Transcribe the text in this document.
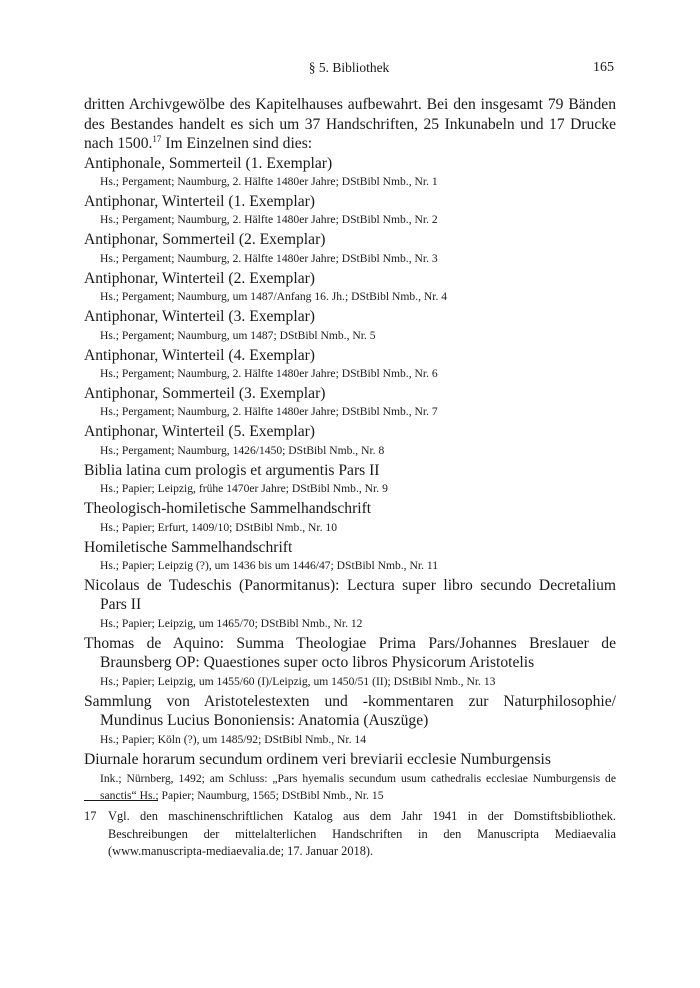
§ 5. Bibliothek	165

dritten Archivgewölbe des Kapitelhauses aufbewahrt. Bei den insgesamt 79 Bänden des Bestandes handelt es sich um 37 Handschriften, 25 Inkunabeln und 17 Drucke nach 1500.17 Im Einzelnen sind dies:

Antiphonale, Sommerteil (1. Exemplar)
Hs.; Pergament; Naumburg, 2. Hälfte 1480er Jahre; DStBibl Nmb., Nr. 1
Antiphonar, Winterteil (1. Exemplar)
Hs.; Pergament; Naumburg, 2. Hälfte 1480er Jahre; DStBibl Nmb., Nr. 2
Antiphonar, Sommerteil (2. Exemplar)
Hs.; Pergament; Naumburg, 2. Hälfte 1480er Jahre; DStBibl Nmb., Nr. 3
Antiphonar, Winterteil (2. Exemplar)
Hs.; Pergament; Naumburg, um 1487/Anfang 16. Jh.; DStBibl Nmb., Nr. 4
Antiphonar, Winterteil (3. Exemplar)
Hs.; Pergament; Naumburg, um 1487; DStBibl Nmb., Nr. 5
Antiphonar, Winterteil (4. Exemplar)
Hs.; Pergament; Naumburg, 2. Hälfte 1480er Jahre; DStBibl Nmb., Nr. 6
Antiphonar, Sommerteil (3. Exemplar)
Hs.; Pergament; Naumburg, 2. Hälfte 1480er Jahre; DStBibl Nmb., Nr. 7
Antiphonar, Winterteil (5. Exemplar)
Hs.; Pergament; Naumburg, 1426/1450; DStBibl Nmb., Nr. 8
Biblia latina cum prologis et argumentis Pars II
Hs.; Papier; Leipzig, frühe 1470er Jahre; DStBibl Nmb., Nr. 9
Theologisch-homiletische Sammelhandschrift
Hs.; Papier; Erfurt, 1409/10; DStBibl Nmb., Nr. 10
Homiletische Sammelhandschrift
Hs.; Papier; Leipzig (?), um 1436 bis um 1446/47; DStBibl Nmb., Nr. 11
Nicolaus de Tudeschis (Panormitanus): Lectura super libro secundo Decretalium Pars II
Hs.; Papier; Leipzig, um 1465/70; DStBibl Nmb., Nr. 12
Thomas de Aquino: Summa Theologiae Prima Pars/Johannes Breslauer de Braunsberg OP: Quaestiones super octo libros Physicorum Aristotelis
Hs.; Papier; Leipzig, um 1455/60 (I)/Leipzig, um 1450/51 (II); DStBibl Nmb., Nr. 13
Sammlung von Aristotelestexten und -kommentaren zur Naturphilosophie/ Mundinus Lucius Bononiensis: Anatomia (Auszüge)
Hs.; Papier; Köln (?), um 1485/92; DStBibl Nmb., Nr. 14
Diurnale horarum secundum ordinem veri breviarii ecclesie Numburgensis
Ink.; Nürnberg, 1492; am Schluss: „Pars hyemalis secundum usum cathedralis ecclesiae Numburgensis de sanctis“ Hs.; Papier; Naumburg, 1565; DStBibl Nmb., Nr. 15
17 Vgl. den maschinenschriftlichen Katalog aus dem Jahr 1941 in der Domstiftsbibliothek. Beschreibungen der mittelalterlichen Handschriften in den Manuscripta Mediaevalia (www.manuscripta-mediaevalia.de; 17. Januar 2018).
